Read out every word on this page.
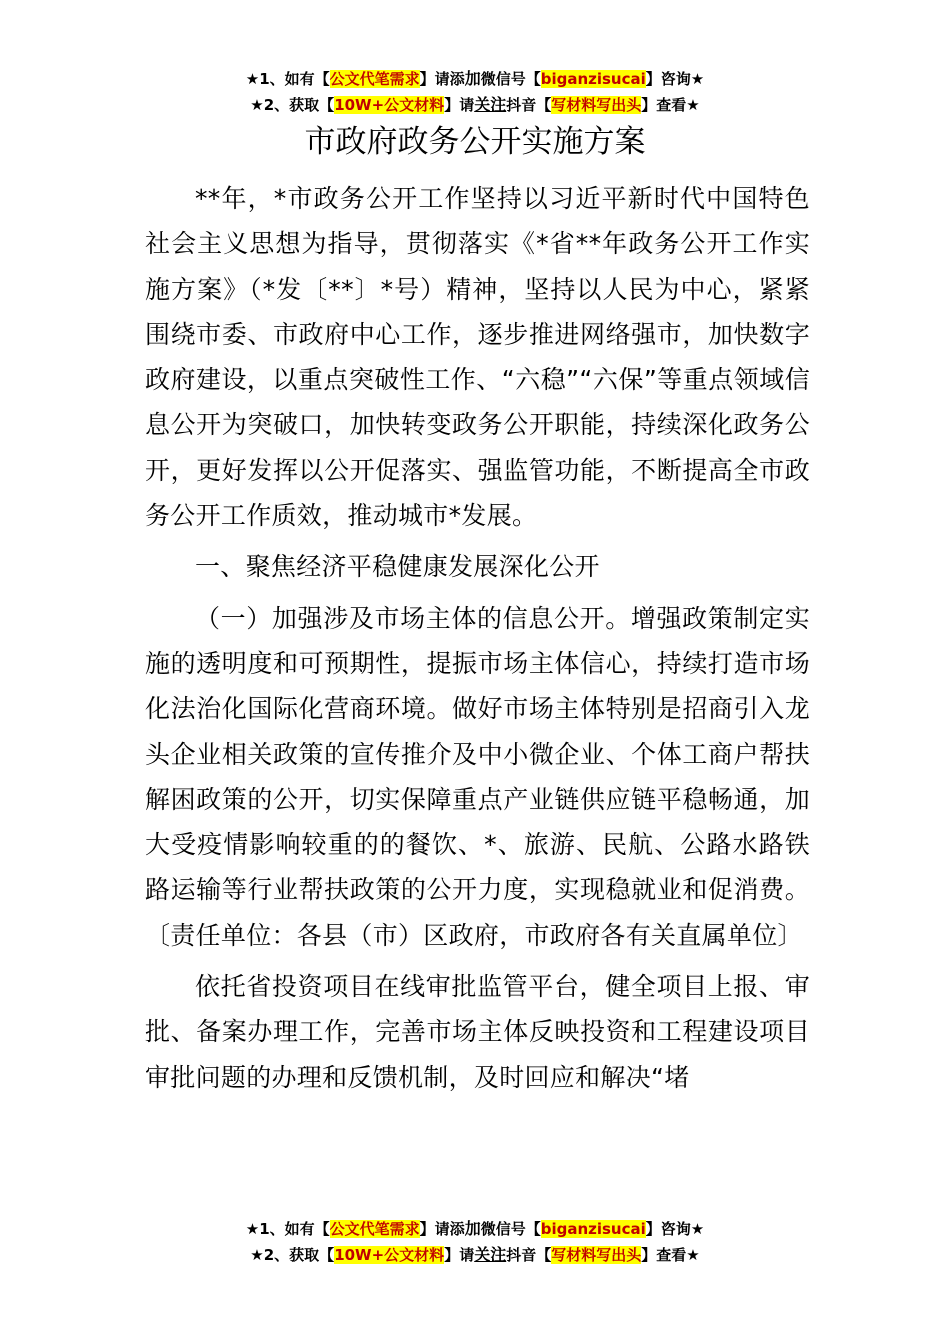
★1、如有【公文代笔需求】请添加微信号【biganzisucai】咨询★
★2、获取【10W+公文材料】请关注抖音【写材料写出头】查看★
市政府政务公开实施方案

**年，*市政务公开工作坚持以习近平新时代中国特色社会主义思想为指导，贯彻落实《*省**年政务公开工作实施方案》（*发〔**〕*号）精神，坚持以人民为中心，紧紧围绕市委、市政府中心工作，逐步推进网络强市，加快数字政府建设，以重点突破性工作、“六稳”“六保”等重点领域信息公开为突破口，加快转变政务公开职能，持续深化政务公开，更好发挥以公开促落实、强监管功能，不断提高全市政务公开工作质效，推动城市*发展。

一、聚焦经济平稳健康发展深化公开

（一）加强涉及市场主体的信息公开。增强政策制定实施的透明度和可预期性，提振市场主体信心，持续打造市场化法治化国际化营商环境。做好市场主体特别是招商引入龙头企业相关政策的宣传推介及中小微企业、个体工商户帮扶解困政策的公开，切实保障重点产业链供应链平稳畅通，加大受疫情影响较重的的餐饮、*、旅游、民航、公路水路铁路运输等行业帮扶政策的公开力度，实现稳就业和促消费。〔责任单位：各县（市）区政府，市政府各有关直属单位〕

依托省投资项目在线审批监管平台，健全项目上报、审批、备案办理工作，完善市场主体反映投资和工程建设项目审批问题的办理和反馈机制，及时回应和解决“堵

★1、如有【公文代笔需求】请添加微信号【biganzisucai】咨询★
★2、获取【10W+公文材料】请关注抖音【写材料写出头】查看★
